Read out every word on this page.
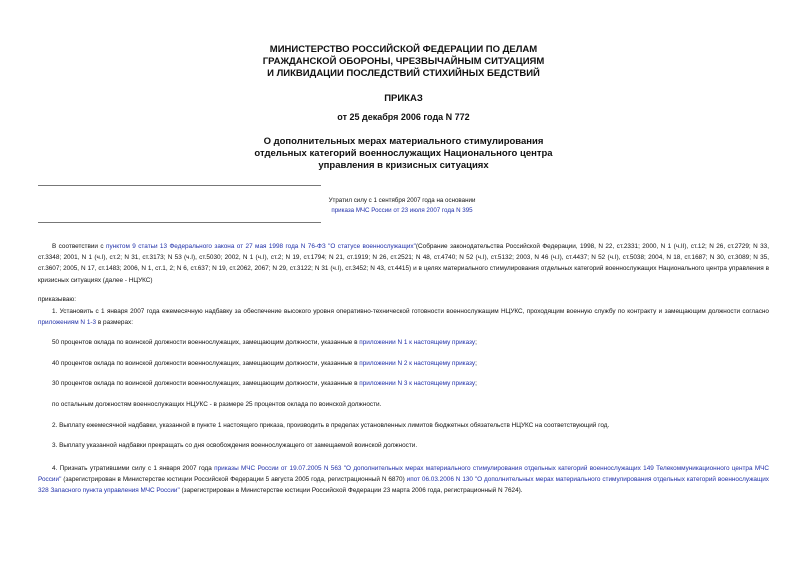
МИНИСТЕРСТВО РОССИЙСКОЙ ФЕДЕРАЦИИ ПО ДЕЛАМ
ГРАЖДАНСКОЙ ОБОРОНЫ, ЧРЕЗВЫЧАЙНЫМ СИТУАЦИЯМ
И ЛИКВИДАЦИИ ПОСЛЕДСТВИЙ СТИХИЙНЫХ БЕДСТВИЙ
ПРИКАЗ
от 25 декабря 2006 года N 772
О дополнительных мерах материального стимулирования
отдельных категорий военнослужащих Национального центра
управления в кризисных ситуациях
Утратил силу с 1 сентября 2007 года на основании
приказа МЧС России от 23 июля 2007 года N 395
В соответствии с пунктом 9 статьи 13 Федерального закона от 27 мая 1998 года N 76-ФЗ "О статусе военнослужащих"(Собрание законодательства Российской Федерации, 1998, N 22, ст.2331; 2000, N 1 (ч.II), ст.12; N 26, ст.2729; N 33, ст.3348; 2001, N 1 (ч.I), ст.2; N 31, ст.3173; N 53 (ч.I), ст.5030; 2002, N 1 (ч.I), ст.2; N 19, ст.1794; N 21, ст.1919; N 26, ст.2521; N 48, ст.4740; N 52 (ч.I), ст.5132; 2003, N 46 (ч.I), ст.4437; N 52 (ч.I), ст.5038; 2004, N 18, ст.1687; N 30, ст.3089; N 35, ст.3607; 2005, N 17, ст.1483; 2006, N 1, ст.1, 2; N 6, ст.637; N 19, ст.2062, 2067; N 29, ст.3122; N 31 (ч.I), ст.3452; N 43, ст.4415) и в целях материального стимулирования отдельных категорий военнослужащих Национального центра управления в кризисных ситуациях (далее - НЦУКС)
приказываю:
1. Установить с 1 января 2007 года ежемесячную надбавку за обеспечение высокого уровня оперативно-технической готовности военнослужащим НЦУКС, проходящим военную службу по контракту и замещающим должности согласно приложениям N 1-3 в размерах:
50 процентов оклада по воинской должности военнослужащих, замещающим должности, указанные в приложении N 1 к настоящему приказу;
40 процентов оклада по воинской должности военнослужащих, замещающим должности, указанные в приложении N 2 к настоящему приказу;
30 процентов оклада по воинской должности военнослужащих, замещающим должности, указанные в приложении N 3 к настоящему приказу;
по остальным должностям военнослужащих НЦУКС - в размере 25 процентов оклада по воинской должности.
2. Выплату ежемесячной надбавки, указанной в пункте 1 настоящего приказа, производить в пределах установленных лимитов бюджетных обязательств НЦУКС на соответствующий год.
3. Выплату указанной надбавки прекращать со дня освобождения военнослужащего от замещаемой воинской должности.
4. Признать утратившими силу с 1 января 2007 года приказы МЧС России от 19.07.2005 N 563 "О дополнительных мерах материального стимулирования отдельных категорий военнослужащих 149 Телекоммуникационного центра МЧС России" (зарегистрирован в Министерстве юстиции Российской Федерации 5 августа 2005 года, регистрационный N 6870) ипот 06.03.2006 N 130 "О дополнительных мерах материального стимулирования отдельных категорий военнослужащих 328 Запасного пункта управления МЧС России" (зарегистрирован в Министерстве юстиции Российской Федерации 23 марта 2006 года, регистрационный N 7624).
